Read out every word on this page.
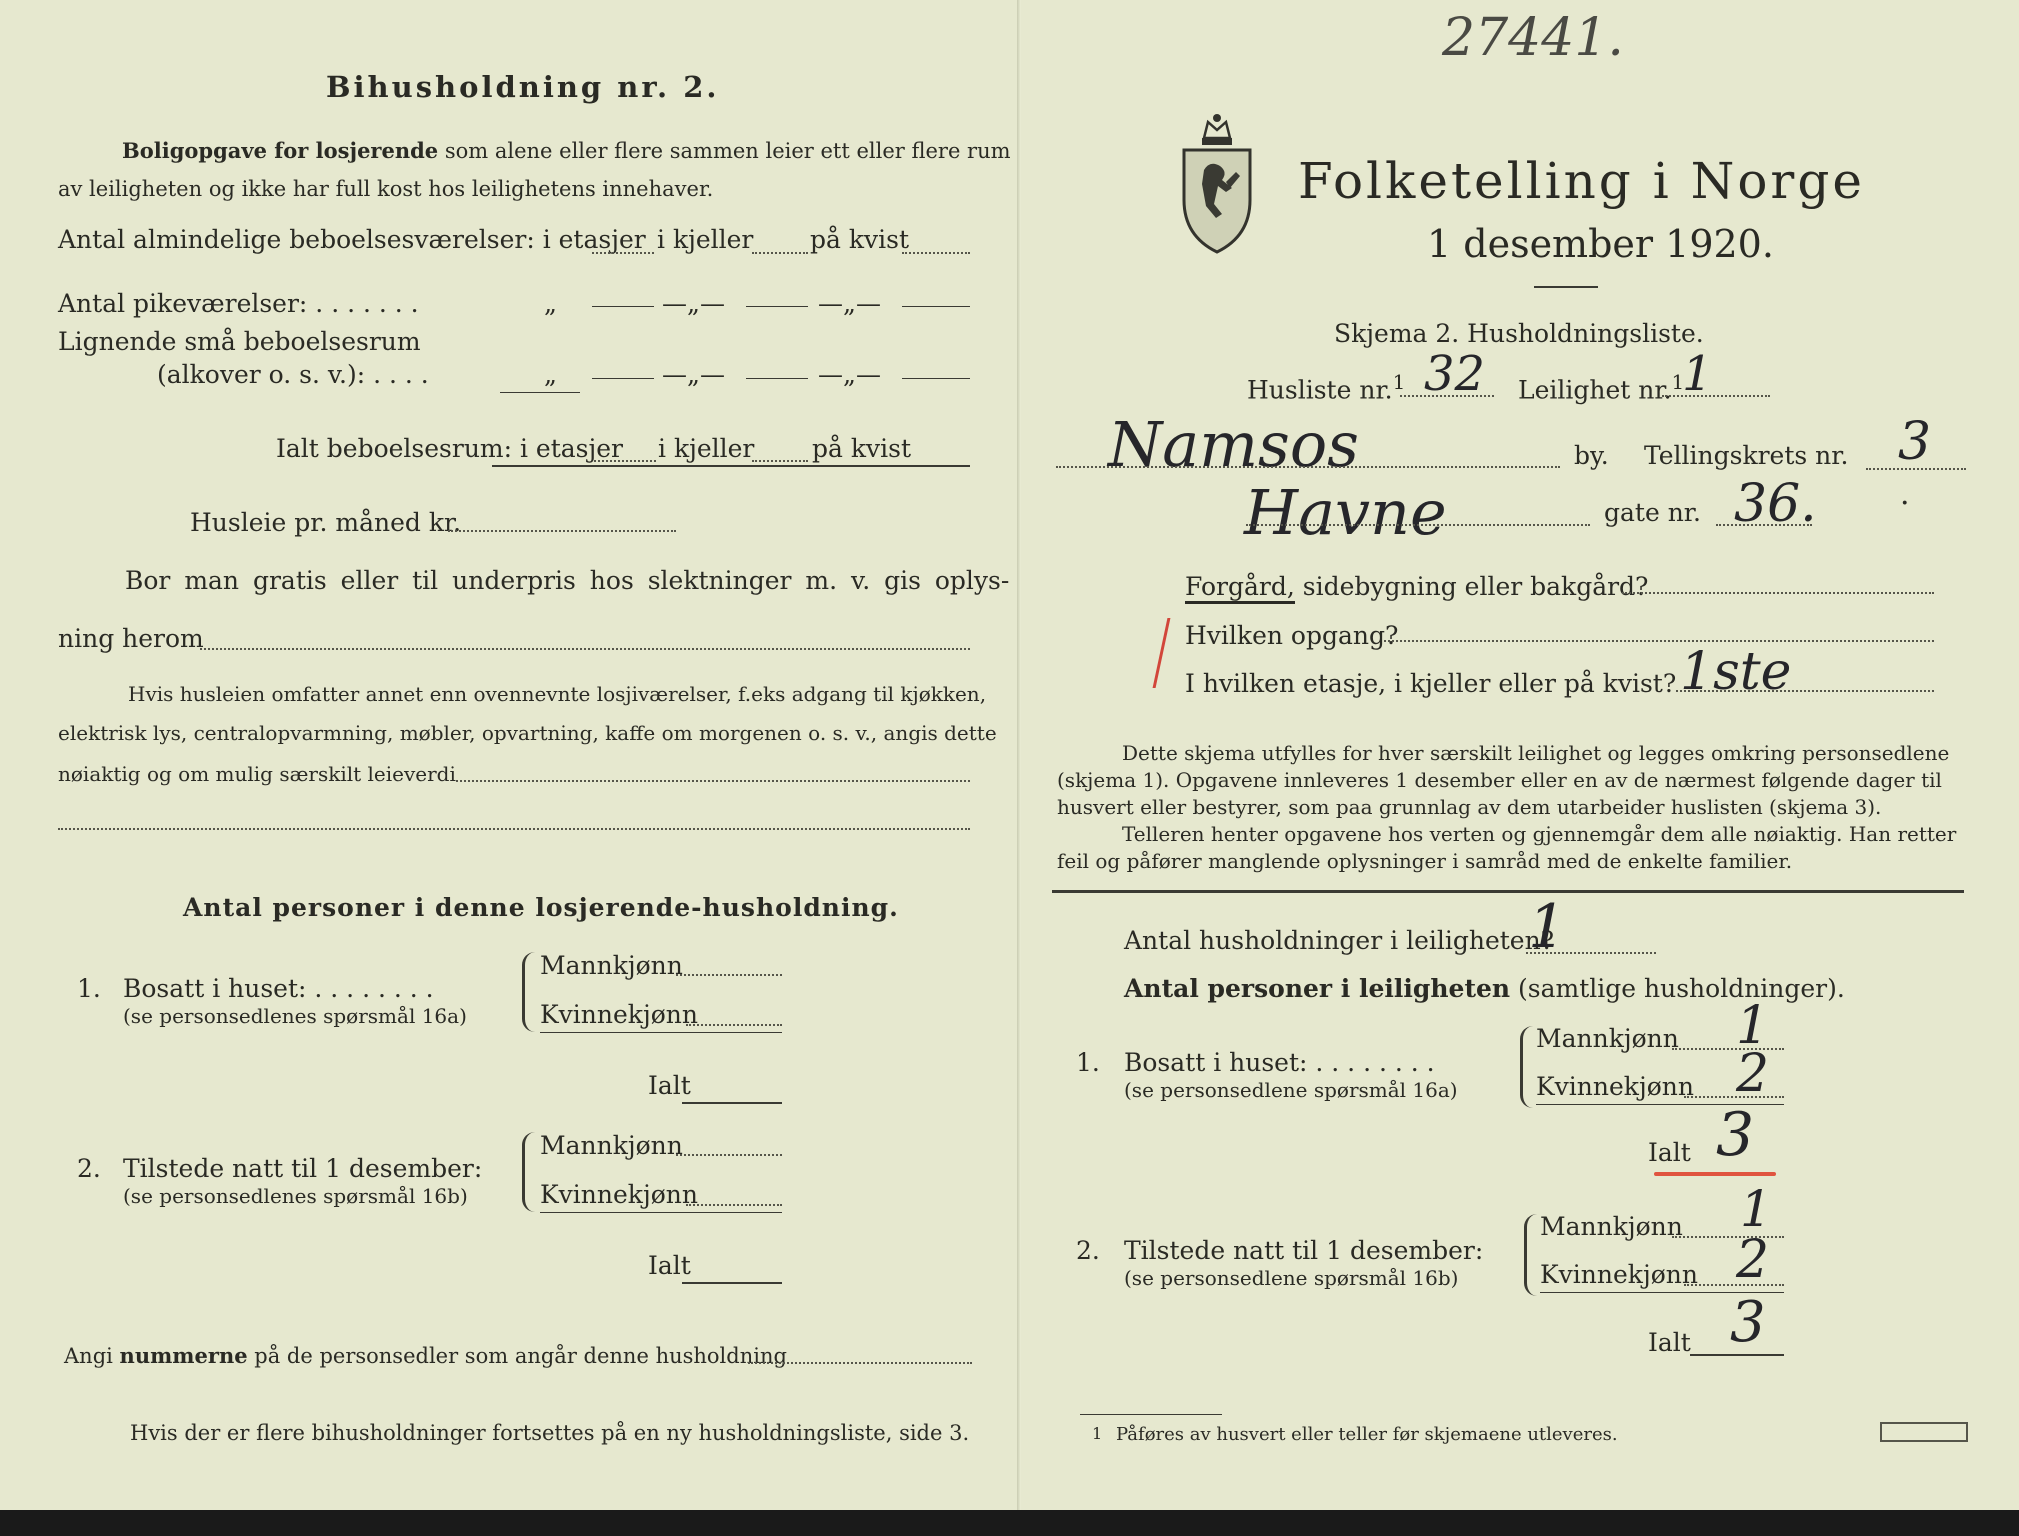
27441.
Bihusholdning nr. 2.
Boligopgave for losjerende som alene eller flere sammen leier ett eller flere rum
av leiligheten og ikke har full kost hos leilighetens innehaver.
Antal almindelige beboelsesværelser: i etasjer i kjeller på kvist
Antal pikeværelser: . . . . . . .	„	—„—	—„—
Lignende små beboelsesrum
(alkover o. s. v.): . . . .	„	—„—	—„—
Ialt beboelsesrum: i etasjer i kjeller på kvist
Husleie pr. måned kr.
Bor man gratis eller til underpris hos slektninger m. v. gis oplys-
ning herom
Hvis husleien omfatter annet enn ovennevnte losjiværelser, f.eks adgang til kjøkken,
elektrisk lys, centralopvarmning, møbler, opvartning, kaffe om morgenen o. s. v., angis dette
nøiaktig og om mulig særskilt leieverdi
Antal personer i denne losjerende-husholdning.
1. Bosatt i huset: . . . . . . . .
(se personsedlenes spørsmål 16a)
Mannkjønn
Kvinnekjønn
Ialt
2. Tilstede natt til 1 desember:
(se personsedlenes spørsmål 16b)
Mannkjønn
Kvinnekjønn
Ialt
Angi nummerne på de personsedler som angår denne husholdning
Hvis der er flere bihusholdninger fortsettes på en ny husholdningsliste, side 3.
Folketelling i Norge
1 desember 1920.
Skjema 2. Husholdningsliste.
Husliste nr.$^1$ 32 Leilighet nr.$^1$
1
Namsos	by. Tellingskrets nr. 3
Havne	gate nr. 36.	·
Forgård, sidebygning eller bakgård?
Hvilken opgang?
I hvilken etasje, i kjeller eller på kvist? 1ste
Dette skjema utfylles for hver særskilt leilighet og legges omkring personsedlene
(skjema 1). Opgavene innleveres 1 desember eller en av de nærmest følgende dager til
husvert eller bestyrer, som paa grunnlag av dem utarbeider huslisten (skjema 3).
Telleren henter opgavene hos verten og gjennemgår dem alle nøiaktig. Han retter
feil og påfører manglende oplysninger i samråd med de enkelte familier.
Antal husholdninger i leiligheten?
1
Antal personer i leiligheten (samtlige husholdninger).
1. Bosatt i huset: . . . . . . . .
(se personsedlene spørsmål 16a)
Mannkjønn 1
Kvinnekjønn 2
Ialt 3
2. Tilstede natt til 1 desember:
(se personsedlene spørsmål 16b)
Mannkjønn 1
Kvinnekjønn 2
Ialt 3
1 Påføres av husvert eller teller før skjemaene utleveres.
